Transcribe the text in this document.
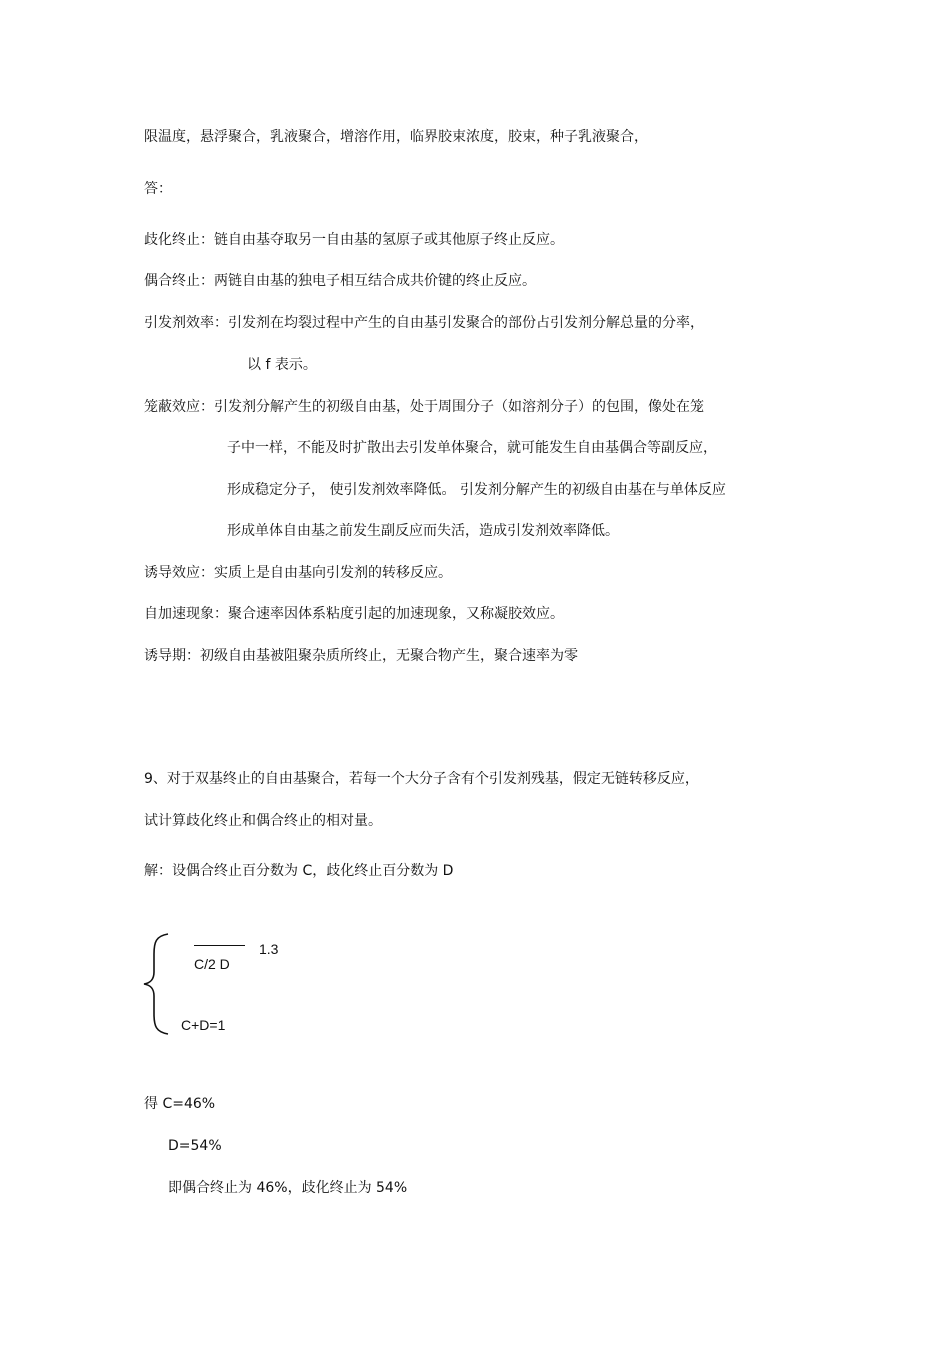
限温度，悬浮聚合，乳液聚合，增溶作用，临界胶束浓度，胶束，种子乳液聚合，
答：
歧化终止：链自由基夺取另一自由基的氢原子或其他原子终止反应。
偶合终止：两链自由基的独电子相互结合成共价键的终止反应。
引发剂效率：引发剂在均裂过程中产生的自由基引发聚合的部份占引发剂分解总量的分率，
以 f 表示。
笼蔽效应：引发剂分解产生的初级自由基，处于周围分子（如溶剂分子）的包围，像处在笼
子中一样，不能及时扩散出去引发单体聚合，就可能发生自由基偶合等副反应，
形成稳定分子， 使引发剂效率降低。 引发剂分解产生的初级自由基在与单体反应
形成单体自由基之前发生副反应而失活，造成引发剂效率降低。
诱导效应：实质上是自由基向引发剂的转移反应。
自加速现象：聚合速率因体系粘度引起的加速现象，又称凝胶效应。
诱导期：初级自由基被阻聚杂质所终止，无聚合物产生，聚合速率为零
9、对于双基终止的自由基聚合，若每一个大分子含有个引发剂残基，假定无链转移反应，
试计算歧化终止和偶合终止的相对量。
解：设偶合终止百分数为 C，歧化终止百分数为 D
1.3
C/2 D
C+D=1
得 C=46%
D=54%
即偶合终止为 46%，歧化终止为 54%
